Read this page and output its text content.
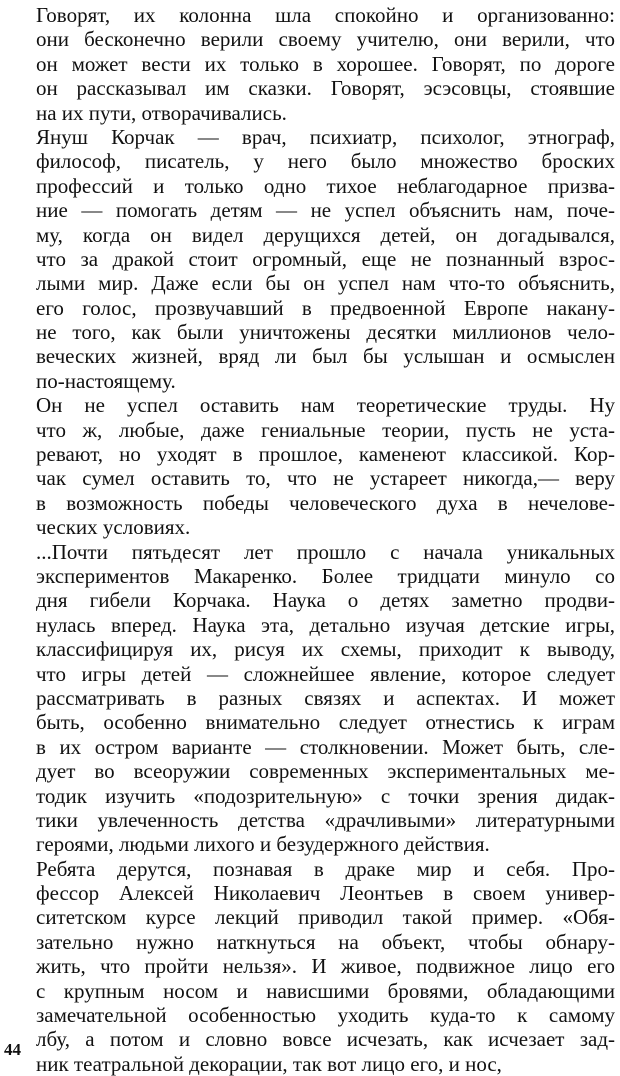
Говорят, их колонна шла спокойно и организованно:
они бесконечно верили своему учителю, они верили, что
он может вести их только в хорошее. Говорят, по дороге
он рассказывал им сказки. Говорят, эсэсовцы, стоявшие
на их пути, отворачивались.
Януш Корчак — врач, психиатр, психолог, этнограф,
философ, писатель, у него было множество броских
профессий и только одно тихое неблагодарное призва-
ние — помогать детям — не успел объяснить нам, поче-
му, когда он видел дерущихся детей, он догадывался,
что за дракой стоит огромный, еще не познанный взрос-
лыми мир. Даже если бы он успел нам что-то объяснить,
его голос, прозвучавший в предвоенной Европе накану-
не того, как были уничтожены десятки миллионов чело-
веческих жизней, вряд ли был бы услышан и осмыслен
по-настоящему.
Он не успел оставить нам теоретические труды. Ну
что ж, любые, даже гениальные теории, пусть не уста-
ревают, но уходят в прошлое, каменеют классикой. Кор-
чак сумел оставить то, что не устареет никогда,— веру
в возможность победы человеческого духа в нечелове-
ческих условиях.
...Почти пятьдесят лет прошло с начала уникальных
экспериментов Макаренко. Более тридцати минуло со
дня гибели Корчака. Наука о детях заметно продви-
нулась вперед. Наука эта, детально изучая детские игры,
классифицируя их, рисуя их схемы, приходит к выводу,
что игры детей — сложнейшее явление, которое следует
рассматривать в разных связях и аспектах. И может
быть, особенно внимательно следует отнестись к играм
в их остром варианте — столкновении. Может быть, сле-
дует во всеоружии современных экспериментальных ме-
тодик изучить «подозрительную» с точки зрения дидак-
тики увлеченность детства «драчливыми» литературными
героями, людьми лихого и безудержного действия.
Ребята дерутся, познавая в драке мир и себя. Про-
фессор Алексей Николаевич Леонтьев в своем универ-
ситетском курсе лекций приводил такой пример. «Обя-
зательно нужно наткнуться на объект, чтобы обнару-
жить, что пройти нельзя». И живое, подвижное лицо его
с крупным носом и нависшими бровями, обладающими
замечательной особенностью уходить куда-то к самому
лбу, а потом и словно вовсе исчезать, как исчезает зад-
ник театральной декорации, так вот лицо его, и нос,
44
